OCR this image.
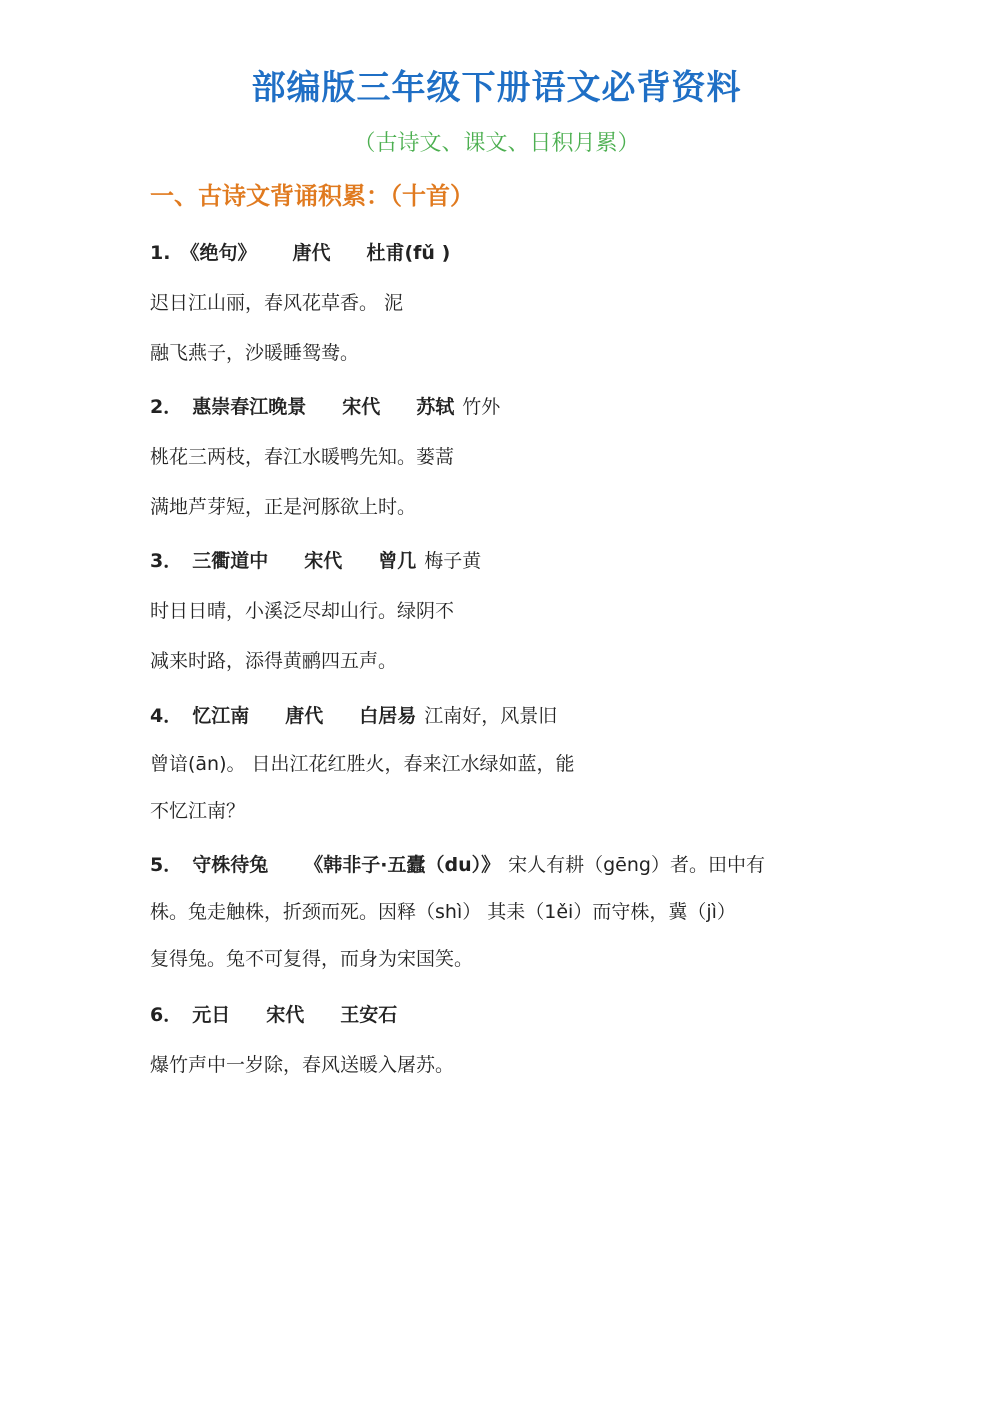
部编版三年级下册语文必背资料
（古诗文、课文、日积月累）
一、古诗文背诵积累：（十首）
1. 《绝句》 唐代 杜甫(fǔ )
迟日江山丽，春风花草香。 泥
融飞燕子，沙暖睡鸳鸯。
2． 惠崇春江晚景 宋代 苏轼 竹外
桃花三两枝，春江水暖鸭先知。蒌蒿
满地芦芽短，正是河豚欲上时。
3． 三衢道中 宋代 曾几 梅子黄
时日日晴，小溪泛尽却山行。绿阴不
减来时路，添得黄鹂四五声。
4． 忆江南 唐代 白居易 江南好，风景旧
曾谙(ān)。 日出江花红胜火，春来江水绿如蓝，能
不忆江南？
5． 守株待兔 《韩非子·五蠹（du）》 宋人有耕（gēng）者。田中有
株。兔走触株，折颈而死。因释（shì） 其耒（1ěi）而守株，冀（jì）
复得兔。兔不可复得，而身为宋国笑。
6． 元日 宋代 王安石
爆竹声中一岁除，春风送暖入屠苏。
